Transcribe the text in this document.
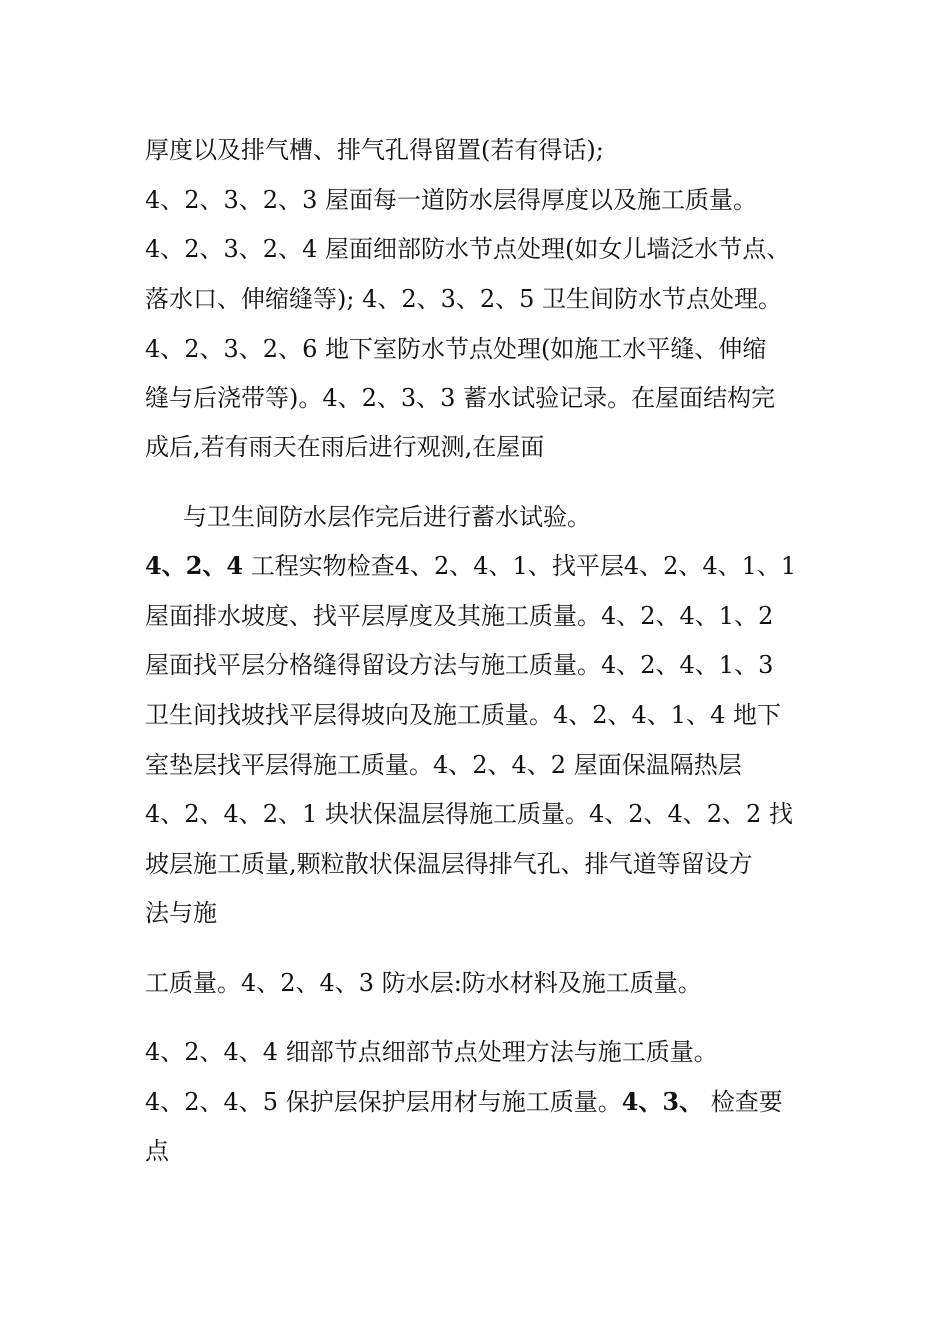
厚度以及排气槽、排气孔得留置(若有得话);
4、2、3、2、3 屋面每一道防水层得厚度以及施工质量。
4、2、3、2、4 屋面细部防水节点处理(如女儿墙泛水节点、
落水口、伸缩缝等); 4、2、3、2、5 卫生间防水节点处理。
4、2、3、2、6 地下室防水节点处理(如施工水平缝、伸缩
缝与后浇带等)。4、2、3、3 蓄水试验记录。在屋面结构完
成后,若有雨天在雨后进行观测,在屋面
与卫生间防水层作完后进行蓄水试验。
4、2、4 工程实物检查4、2、4、1、找平层4、2、4、1、1
屋面排水坡度、找平层厚度及其施工质量。4、2、4、1、2
屋面找平层分格缝得留设方法与施工质量。4、2、4、1、3
卫生间找坡找平层得坡向及施工质量。4、2、4、1、4 地下
室垫层找平层得施工质量。4、2、4、2 屋面保温隔热层
4、2、4、2、1 块状保温层得施工质量。4、2、4、2、2 找
坡层施工质量,颗粒散状保温层得排气孔、排气道等留设方
法与施
工质量。4、2、4、3 防水层:防水材料及施工质量。
4、2、4、4 细部节点细部节点处理方法与施工质量。
4、2、4、5 保护层保护层用材与施工质量。4、3、 检查要
点
